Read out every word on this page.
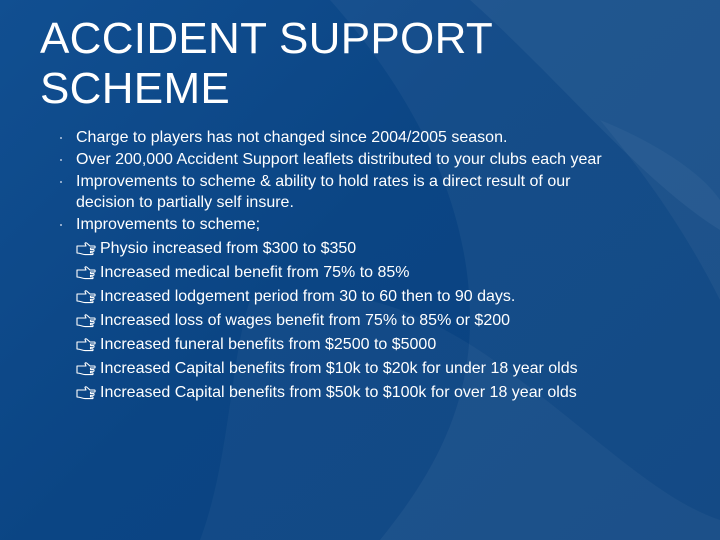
ACCIDENT SUPPORT
SCHEME
Charge to players has not changed since 2004/2005 season.
Over 200,000 Accident Support leaflets distributed to your clubs each year
Improvements to scheme & ability to hold rates is a direct result of our decision to partially self insure.
Improvements to scheme;
Physio increased from $300 to $350
Increased medical benefit from 75% to 85%
Increased lodgement period from 30 to 60 then to 90 days.
Increased loss of wages benefit from 75% to 85% or $200
Increased funeral benefits from $2500 to $5000
Increased Capital benefits from $10k to $20k for under 18 year olds
Increased Capital benefits from $50k to $100k for over 18 year olds
